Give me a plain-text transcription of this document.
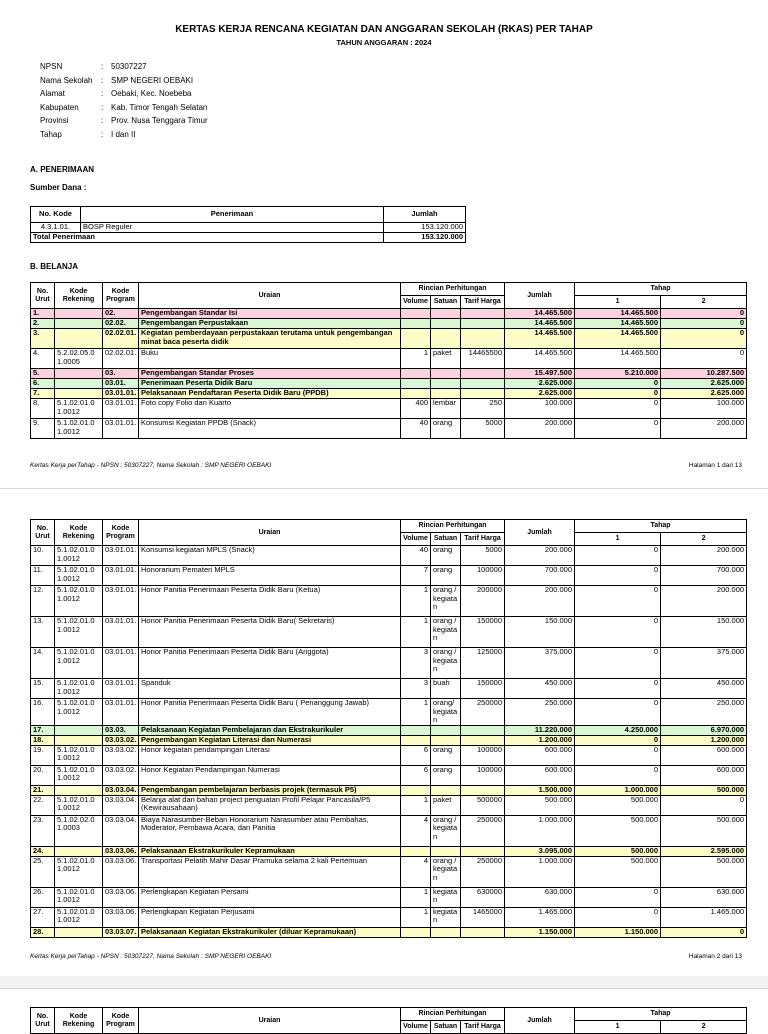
KERTAS KERJA RENCANA KEGIATAN DAN ANGGARAN SEKOLAH (RKAS) PER TAHAP
TAHUN ANGGARAN : 2024
NPSN	: 50307227
Nama Sekolah	: SMP NEGERI OEBAKI
Alamat	: Oebaki, Kec. Noebeba
Kabupaten	: Kab. Timor Tengah Selatan
Provinsi	: Prov. Nusa Tenggara Timur
Tahap	: I dan II
A. PENERIMAAN
Sumber Dana :
No. Kode	Penerimaan	Jumlah
4.3.1.01.	BOSP Reguler	153.120.000
Total Penerimaan		153.120.000
B. BELANJA
No. Urut	Kode Rekening	Kode Program	Uraian	Rincian Perhitungan			Jumlah	Tahap	
				Volume	Satuan	Tarif Harga		1	2
1.		02.	Pengembangan Standar Isi				14.465.500	14.465.500	0
2.		02.02.	Pengembangan Perpustakaan				14.465.500	14.465.500	0
3.		02.02.01.	Kegiatan pemberdayaan perpustakaan terutama untuk pengembangan minat baca peserta didik				14.465.500	14.465.500	0
4.	5.2.02.05.01.0005	02.02.01.	Buku	1	paket	14465500	14.465.500	14.465.500	0
5.		03.	Pengembangan Standar Proses				15.497.500	5.210.000	10.287.500
6.		03.01.	Penerimaan Peserta Didik Baru				2.625.000	0	2.625.000
7.		03.01.01.	Pelaksanaan Pendaftaran Peserta Didik Baru (PPDB)				2.625.000	0	2.625.000
8.	5.1.02.01.01.0012	03.01.01.	Foto copy Folio dan Kuarto	400	lembar	250	100.000	0	100.000
9.	5.1.02.01.01.0012	03.01.01.	Konsumsi Kegiatan PPDB (Snack)	40	orang	5000	200.000	0	200.000
Kertas Kerja perTahap - NPSN : 50307227, Nama Sekolah : SMP NEGERI OEBAKI	Halaman 1 dari 13
No. Urut	Kode Rekening	Kode Program	Uraian	Rincian Perhitungan			Jumlah	Tahap	
				Volume	Satuan	Tarif Harga		1	2
10.	5.1.02.01.01.0012	03.01.01.	Konsumsi kegiatan MPLS (Snack)	40	orang	5000	200.000	0	200.000
11.	5.1.02.01.01.0012	03.01.01.	Honorarium Pemateri MPLS	7	orang	100000	700.000	0	700.000
12.	5.1.02.01.01.0012	03.01.01.	Honor Panitia Penerimaan Peserta Didik Baru (Ketua)	1	orang / kegiatan	200000	200.000	0	200.000
13.	5.1.02.01.01.0012	03.01.01.	Honor Panitia Penerimaan Peserta Didik Baru( Sekretaris)	1	orang / kegiatan	150000	150.000	0	150.000
14.	5.1.02.01.01.0012	03.01.01.	Honor Panitia Penerimaan Peserta Didik Baru (Anggota)	3	orang / kegiatan	125000	375.000	0	375.000
15.	5.1.02.01.01.0012	03.01.01.	Spanduk	3	buah	150000	450.000	0	450.000
16.	5.1.02.01.01.0012	03.01.01.	Honor Panitia Penerimaan Peserta Didik Baru ( Penanggung Jawab)	1	orang/kegiatan	250000	250.000	0	250.000
17.		03.03.	Pelaksanaan Kegiatan Pembelajaran dan Ekstrakurikuler				11.220.000	4.250.000	6.970.000
18.		03.03.02.	Pengembangan Kegiatan Literasi dan Numerasi				1.200.000	0	1.200.000
19.	5.1.02.01.01.0012	03.03.02.	Honor kegiatan pendampingan Literasi	6	orang	100000	600.000	0	600.000
20.	5.1.02.01.01.0012	03.03.02.	Honor Kegiatan Pendampingan Numerasi	6	orang	100000	600.000	0	600.000
21.		03.03.04.	Pengembangan pembelajaran berbasis projek (termasuk P5)				1.500.000	1.000.000	500.000
22.	5.1.02.01.01.0012	03.03.04.	Belanja alat dan bahan project penguatan Profil Pelajar Pancasila/P5 (Kewirausahaan)	1	paket	500000	500.000	500.000	0
23.	5.1.02.02.01.0003	03.03.04.	Biaya Narasumber-Beban Honorarium Narasumber atau Pembahas, Moderator, Pembawa Acara, dan Panitia	4	orang / kegiatan	250000	1.000.000	500.000	500.000
24.		03.03.06.	Pelaksanaan Ekstrakurikuler Kepramukaan				3.095.000	500.000	2.595.000
25.	5.1.02.01.01.0012	03.03.06.	Transportasi Pelatih Mahir Dasar Pramuka selama 2 kali Pertemuan	4	orang / kegiatan	250000	1.000.000	500.000	500.000
26.	5.1.02.01.01.0012	03.03.06.	Perlengkapan Kegiatan Persami	1	kegiatan	630000	630.000	0	630.000
27.	5.1.02.01.01.0012	03.03.06.	Perlengkapan Kegiatan Perjusami	1	kegiatan	1465000	1.465.000	0	1.465.000
28.		03.03.07.	Pelaksanaan Kegiatan Ekstrakurikuler (diluar Kepramukaan)				1.150.000	1.150.000	0
Kertas Kerja perTahap - NPSN : 50307227, Nama Sekolah : SMP NEGERI OEBAKI	Halaman 2 dari 13
No. Urut	Kode Rekening	Kode Program	Uraian	Rincian Perhitungan			Jumlah	Tahap	
				Volume	Satuan	Tarif Harga		1	2
